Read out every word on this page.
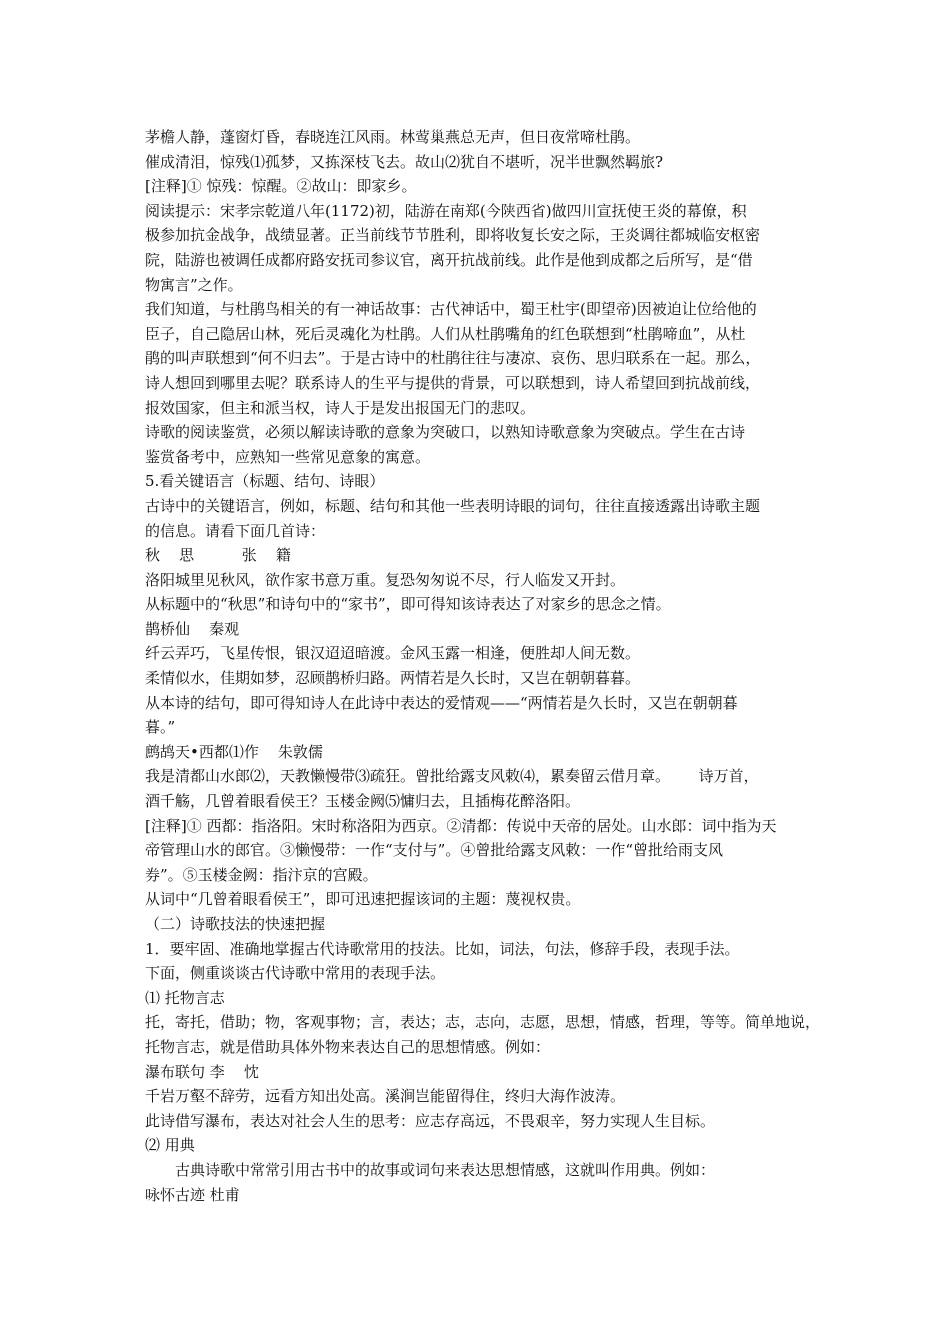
茅檐人静，蓬窗灯昏，春晓连江风雨。林莺巢燕总无声，但日夜常啼杜鹃。
催成清泪，惊残⑴孤梦，又拣深枝飞去。故山⑵犹自不堪听，况半世飘然羁旅?
[注释]① 惊残：惊醒。②故山：即家乡。
阅读提示：宋孝宗乾道八年(1172)初，陆游在南郑(今陕西省)做四川宣抚使王炎的幕僚，积
极参加抗金战争，战绩显著。正当前线节节胜利，即将收复长安之际，王炎调往都城临安枢密
院，陆游也被调任成都府路安抚司参议官，离开抗战前线。此作是他到成都之后所写，是“借
物寓言”之作。
我们知道，与杜鹃鸟相关的有一神话故事：古代神话中，蜀王杜宇(即望帝)因被迫让位给他的
臣子，自己隐居山林，死后灵魂化为杜鹃。人们从杜鹃嘴角的红色联想到“杜鹃啼血”，从杜
鹃的叫声联想到“何不归去”。于是古诗中的杜鹃往往与凄凉、哀伤、思归联系在一起。那么，
诗人想回到哪里去呢？联系诗人的生平与提供的背景，可以联想到，诗人希望回到抗战前线，
报效国家，但主和派当权，诗人于是发出报国无门的悲叹。
诗歌的阅读鉴赏，必须以解读诗歌的意象为突破口，以熟知诗歌意象为突破点。学生在古诗
鉴赏备考中，应熟知一些常见意象的寓意。
5.看关键语言（标题、结句、诗眼）
古诗中的关键语言，例如，标题、结句和其他一些表明诗眼的词句，往往直接透露出诗歌主题
的信息。请看下面几首诗：
秋    思          张    籍
洛阳城里见秋风，欲作家书意万重。复恐匆匆说不尽，行人临发又开封。
从标题中的“秋思”和诗句中的“家书”，即可得知该诗表达了对家乡的思念之情。
鹊桥仙    秦观
纤云弄巧，飞星传恨，银汉迢迢暗渡。金风玉露一相逢，便胜却人间无数。
柔情似水，佳期如梦，忍顾鹊桥归路。两情若是久长时，又岂在朝朝暮暮。
从本诗的结句，即可得知诗人在此诗中表达的爱情观——“两情若是久长时，又岂在朝朝暮
暮。”
鹧鸪天•西都⑴作    朱敦儒
我是清都山水郎⑵，天教懒慢带⑶疏狂。曾批给露支风敕⑷，累奏留云借月章。      诗万首，
酒千觞，几曾着眼看侯王？玉楼金阙⑸慵归去，且插梅花醉洛阳。
[注释]① 西都：指洛阳。宋时称洛阳为西京。②清都：传说中天帝的居处。山水郎：词中指为天
帝管理山水的郎官。③懒慢带：一作“支付与”。④曾批给露支风敕：一作“曾批给雨支风
券”。⑤玉楼金阙：指汴京的宫殿。
从词中“几曾着眼看侯王”，即可迅速把握该词的主题：蔑视权贵。
（二）诗歌技法的快速把握
1．要牢固、准确地掌握古代诗歌常用的技法。比如，词法，句法，修辞手段，表现手法。
下面，侧重谈谈古代诗歌中常用的表现手法。
⑴ 托物言志
托，寄托，借助；物，客观事物；言，表达；志，志向，志愿，思想，情感，哲理，等等。简单地说，
托物言志，就是借助具体外物来表达自己的思想情感。例如：
瀑布联句 李    忱
千岩万壑不辞劳，远看方知出处高。溪涧岂能留得住，终归大海作波涛。
此诗借写瀑布，表达对社会人生的思考：应志存高远，不畏艰辛，努力实现人生目标。
⑵ 用典
古典诗歌中常常引用古书中的故事或词句来表达思想情感，这就叫作用典。例如：
咏怀古迹 杜甫
